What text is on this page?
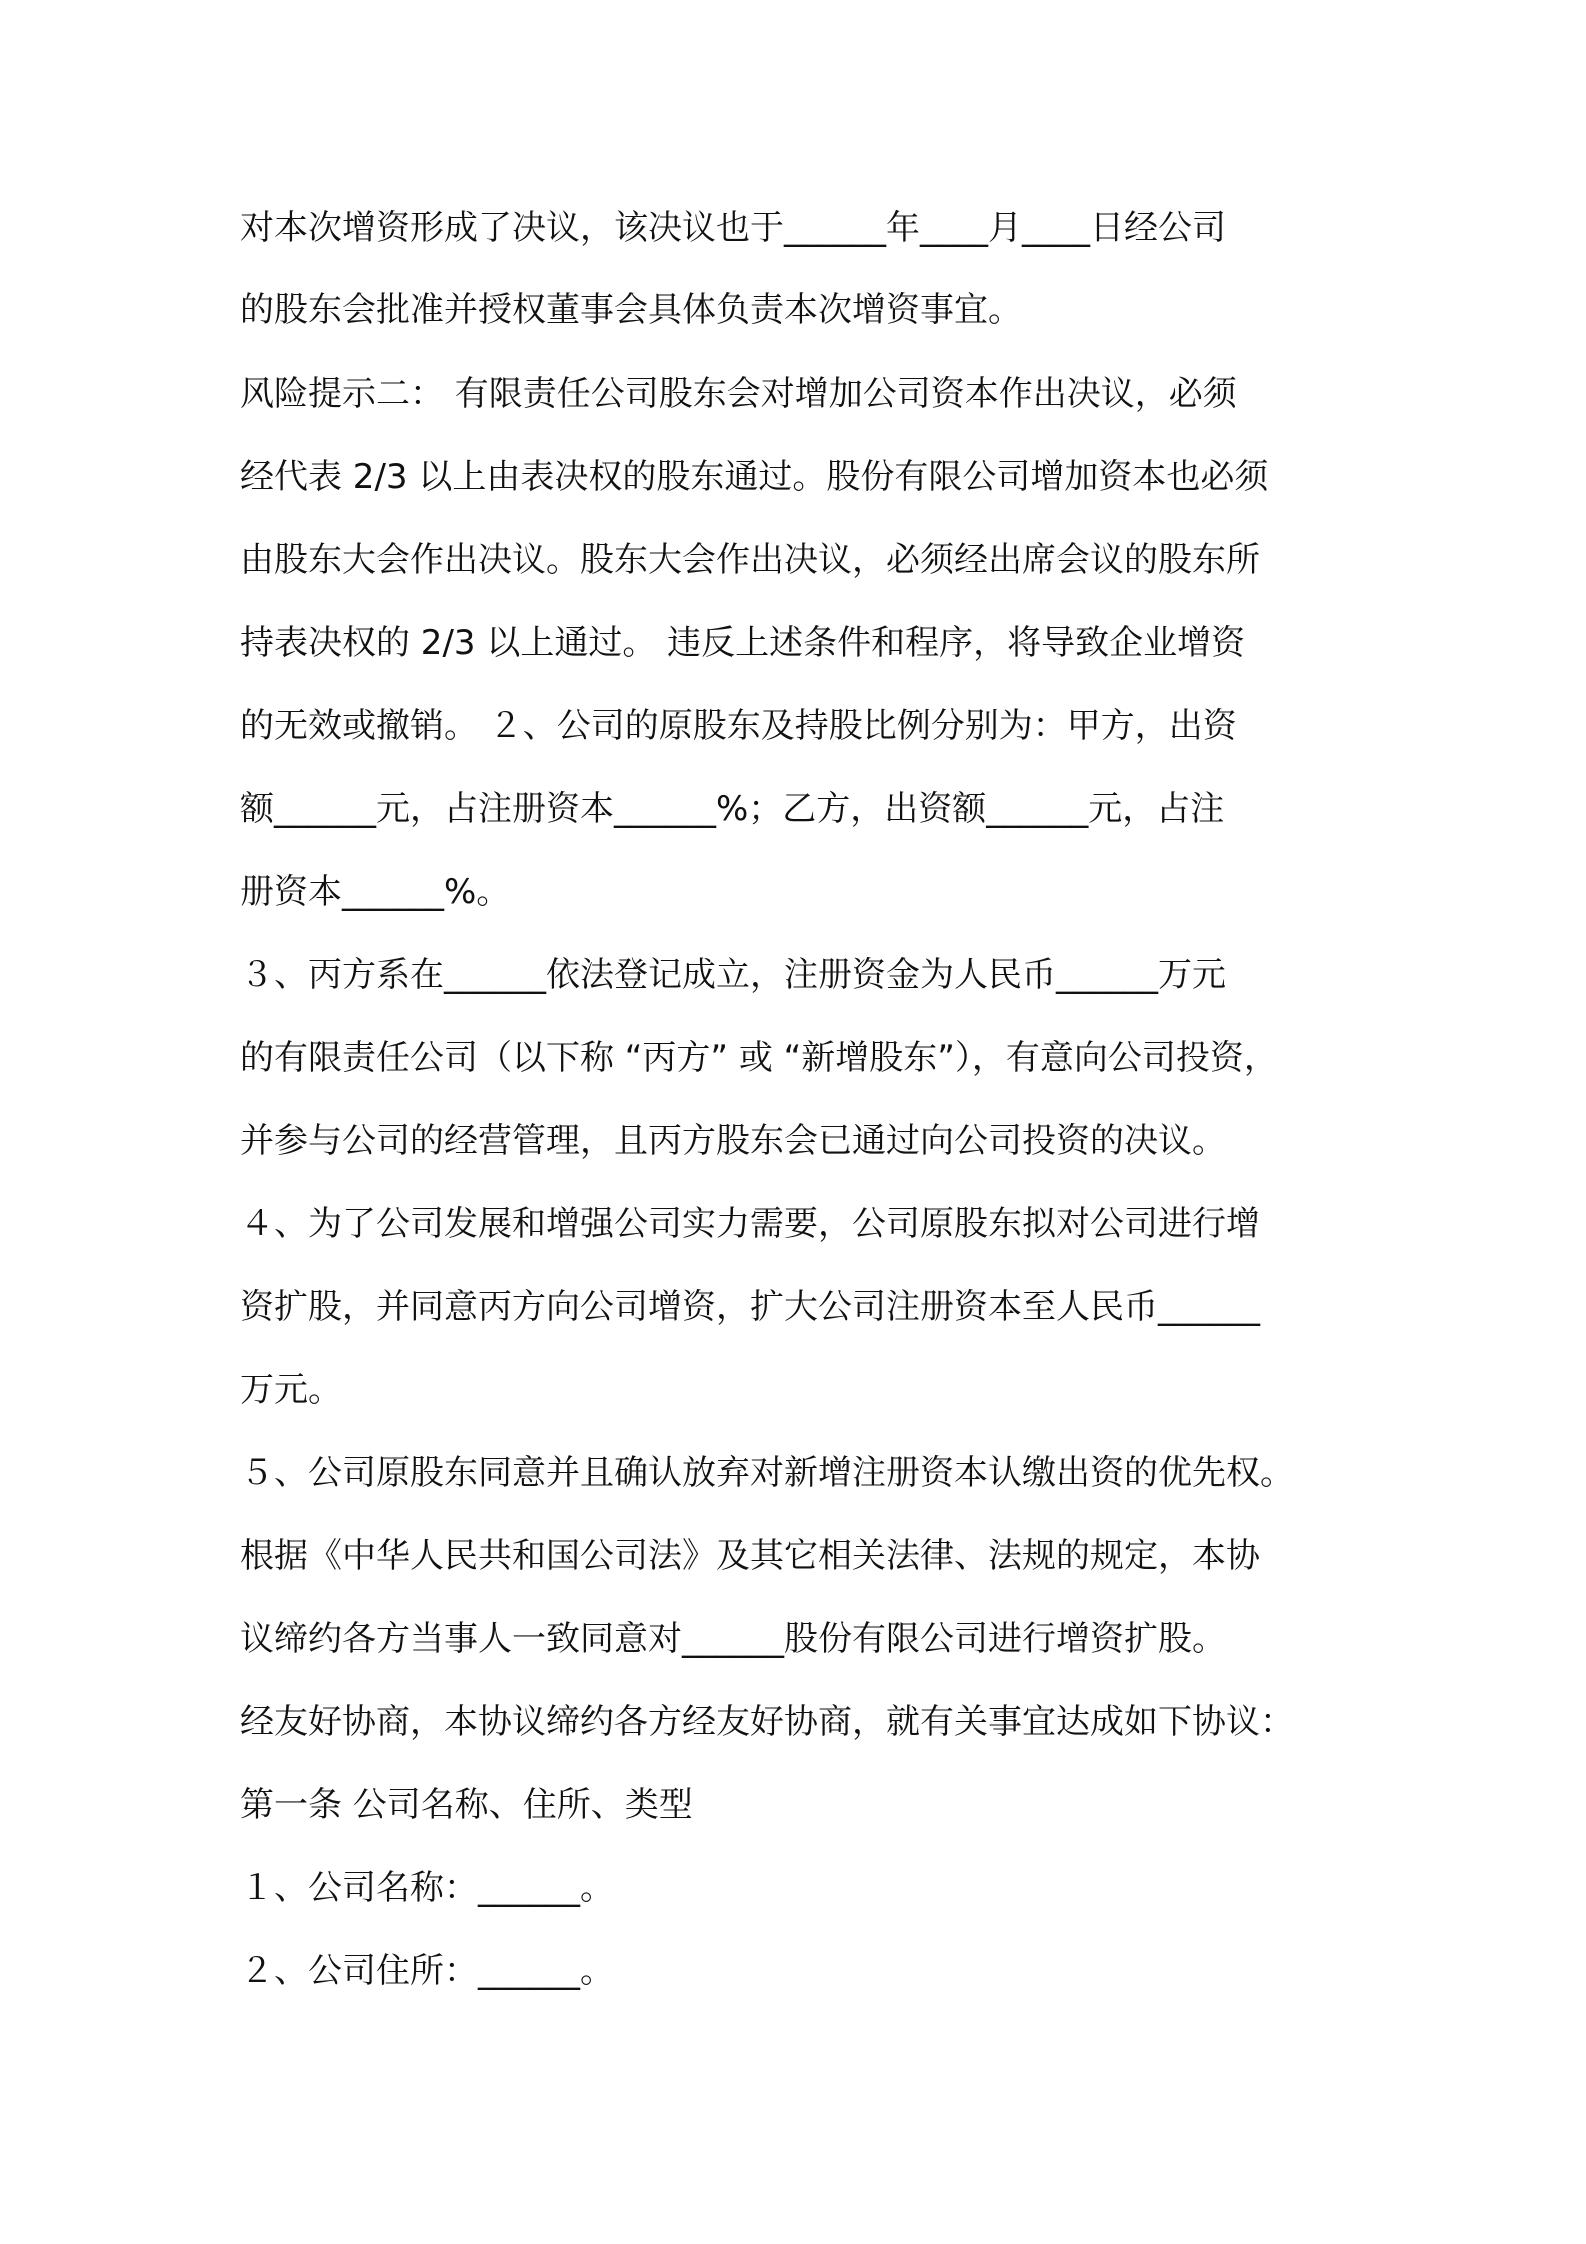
对本次增资形成了决议，该决议也于______年____月____日经公司
的股东会批准并授权董事会具体负责本次增资事宜。
风险提示二： 有限责任公司股东会对增加公司资本作出决议，必须
经代表 2/3 以上由表决权的股东通过。股份有限公司增加资本也必须
由股东大会作出决议。股东大会作出决议，必须经出席会议的股东所
持表决权的 2/3 以上通过。 违反上述条件和程序，将导致企业增资
的无效或撤销。 ２、公司的原股东及持股比例分别为：甲方，出资
额______元，占注册资本______%；乙方，出资额______元，占注
册资本______%。
３、丙方系在______依法登记成立，注册资金为人民币______万元
的有限责任公司（以下称 “丙方” 或 “新增股东”），有意向公司投资，
并参与公司的经营管理，且丙方股东会已通过向公司投资的决议。
４、为了公司发展和增强公司实力需要，公司原股东拟对公司进行增
资扩股，并同意丙方向公司增资，扩大公司注册资本至人民币______
万元。
５、公司原股东同意并且确认放弃对新增注册资本认缴出资的优先权。
根据《中华人民共和国公司法》及其它相关法律、法规的规定，本协
议缔约各方当事人一致同意对______股份有限公司进行增资扩股。
经友好协商，本协议缔约各方经友好协商，就有关事宜达成如下协议：
第一条 公司名称、住所、类型
１、公司名称：______。
２、公司住所：______。
